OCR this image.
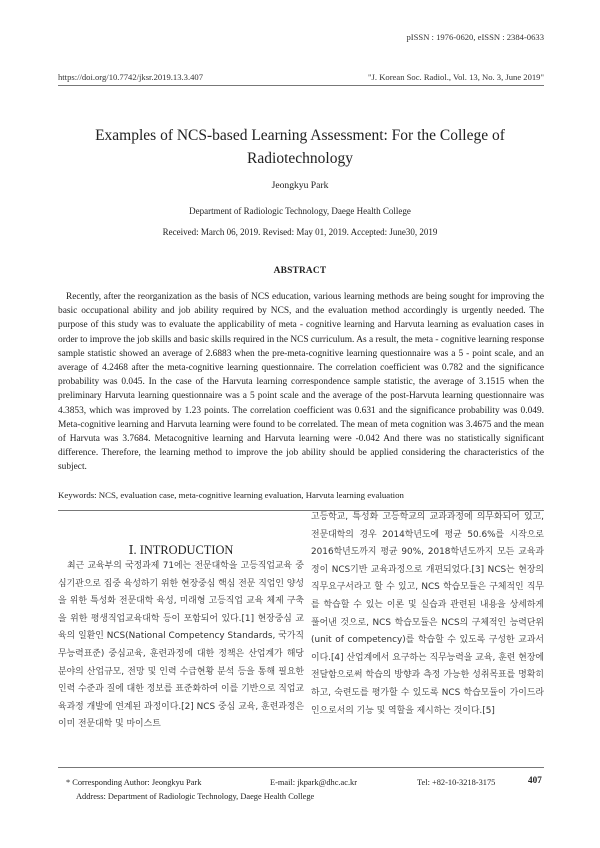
pISSN : 1976-0620, eISSN : 2384-0633
https://doi.org/10.7742/jksr.2019.13.3.407	"J. Korean Soc. Radiol., Vol. 13, No. 3, June 2019"
Examples of NCS-based Learning Assessment: For the College of
Radiotechnology
Jeongkyu Park
Department of Radiologic Technology, Daege Health College
Received: March 06, 2019. Revised: May 01, 2019. Accepted: June30, 2019
ABSTRACT
Recently, after the reorganization as the basis of NCS education, various learning methods are being sought for improving the basic occupational ability and job ability required by NCS, and the evaluation method accordingly is urgently needed. The purpose of this study was to evaluate the applicability of meta - cognitive learning and Harvuta learning as evaluation cases in order to improve the job skills and basic skills required in the NCS curriculum. As a result, the meta - cognitive learning response sample statistic showed an average of 2.6883 when the pre-meta-cognitive learning questionnaire was a 5 - point scale, and an average of 4.2468 after the meta-cognitive learning questionnaire. The correlation coefficient was 0.782 and the significance probability was 0.045. In the case of the Harvuta learning correspondence sample statistic, the average of 3.1515 when the preliminary Harvuta learning questionnaire was a 5 point scale and the average of the post-Harvuta learning questionnaire was 4.3853, which was improved by 1.23 points. The correlation coefficient was 0.631 and the significance probability was 0.049. Meta-cognitive learning and Harvuta learning were found to be correlated. The mean of meta cognition was 3.4675 and the mean of Harvuta was 3.7684. Metacognitive learning and Harvuta learning were -0.042 And there was no statistically significant difference. Therefore, the learning method to improve the job ability should be applied considering the characteristics of the subject.
Keywords: NCS, evaluation case, meta-cognitive learning evaluation, Harvuta learning evaluation
Ⅰ. INTRODUCTION

최근 교육부의 국정과제 71에는 전문대학을 고등직업교육 중심기관으로 집중 육성하기 위한 현장중심 핵심 전문 직업인 양성을 위한 특성화 전문대학 육성, 미래형 고등직업 교육 체제 구축을 위한 평생직업교육대학 등이 포함되어 있다.[1] 현장중심 교육의 일환인 NCS(National Competency Standards, 국가직무능력표준) 중심교육, 훈련과정에 대한 정책은 산업계가 해당분야의 산업규모, 전망 및 인력 수급현황 분석 등을 통해 필요한 인력 수준과 질에 대한 정보를 표준화하여 이를 기반으로 직업교육과정 개발에 연계된 과정이다.[2] NCS 중심 교육, 훈련과정은 이미 전문대학 및 마이스트

고등학교, 특성화 고등학교의 교과과정에 의무화되어 있고, 전문대학의 경우 2014학년도에 평균 50.6%를 시작으로 2016학년도까지 평균 90%, 2018학년도까지 모든 교육과정이 NCS기반 교육과정으로 개편되었다.[3] NCS는 현장의 직무요구서라고 할 수 있고, NCS 학습모듈은 구체적인 직무를 학습할 수 있는 이론 및 실습과 관련된 내용을 상세하게 풀어낸 것으로, NCS 학습모듈은 NCS의 구체적인 능력단위(unit of competency)를 학습할 수 있도록 구성한 교과서이다.[4] 산업계에서 요구하는 직무능력을 교육, 훈련 현장에 전달함으로써 학습의 방향과 측정 가능한 성취목표를 명확히 하고, 숙련도를 평가할 수 있도록 NCS 학습모듈이 가이드라인으로서의 기능 및 역할을 제시하는 것이다.[5]

407
* Corresponding Author: Jeongkyu Park	E-mail: jkpark@dhc.ac.kr	Tel: +82-10-3218-3175
Address: Department of Radiologic Technology, Daege Health College
